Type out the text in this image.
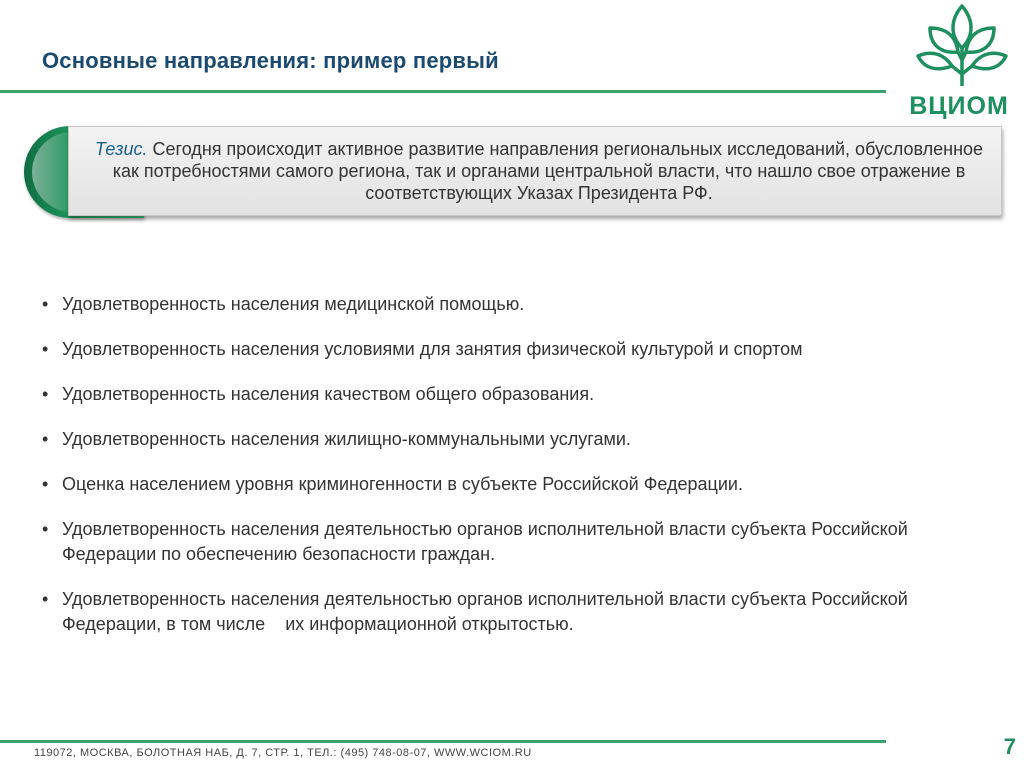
Основные направления: пример первый
ВЦИОМ
Тезис. Сегодня происходит активное развитие направления региональных исследований, обусловленное как потребностями самого региона, так и органами центральной власти, что нашло свое отражение в соответствующих Указах Президента РФ.
• Удовлетворенность населения медицинской помощью.
• Удовлетворенность населения условиями для занятия физической культурой и спортом
• Удовлетворенность населения качеством общего образования.
• Удовлетворенность населения жилищно-коммунальными услугами.
• Оценка населением уровня криминогенности в субъекте Российской Федерации.
• Удовлетворенность населения деятельностью органов исполнительной власти субъекта Российской Федерации по обеспечению безопасности граждан.
• Удовлетворенность населения деятельностью органов исполнительной власти субъекта Российской Федерации, в том числе    их информационной открытостью.
119072, МОСКВА, БОЛОТНАЯ НАБ, Д. 7, СТР. 1, ТЕЛ.: (495) 748-08-07, WWW.WCIOM.RU	7
